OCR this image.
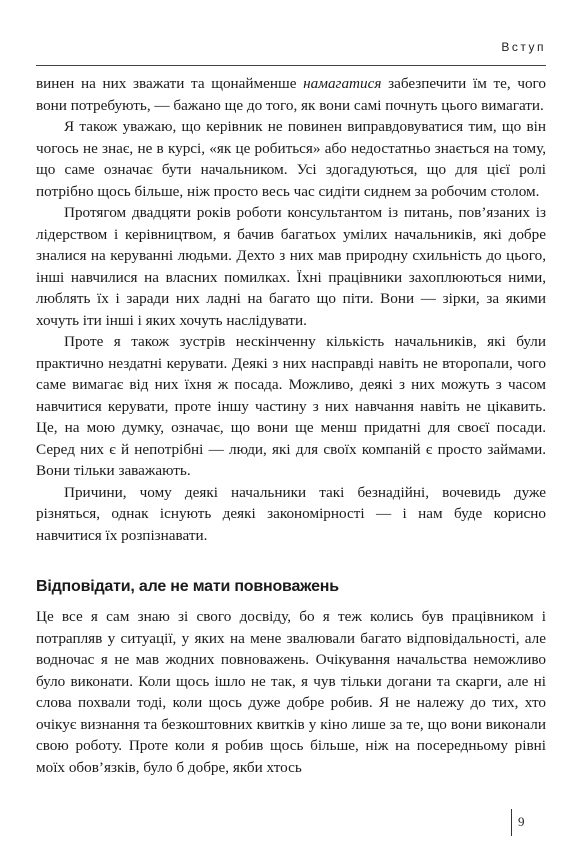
Вступ

винен на них зважати та щонайменше намагатися забезпечити їм те, чого вони потребують, — бажано ще до того, як вони самі почнуть цього вимагати.

Я також уважаю, що керівник не повинен виправдовуватися тим, що він чогось не знає, не в курсі, «як це робиться» або недостатньо знається на тому, що саме означає бути начальником. Усі здогадуються, що для цієї ролі потрібно щось більше, ніж просто весь час сидіти сиднем за робочим столом.

Протягом двадцяти років роботи консультантом із питань, пов’язаних із лідерством і керівництвом, я бачив багатьох умілих начальників, які добре зналися на керуванні людьми. Дехто з них мав природну схильність до цього, інші навчилися на власних помилках. Їхні працівники захоплюються ними, люблять їх і заради них ладні на багато що піти. Вони — зірки, за якими хочуть іти інші і яких хочуть наслідувати.

Проте я також зустрів нескінченну кількість начальників, які були практично нездатні керувати. Деякі з них насправді навіть не второпали, чого саме вимагає від них їхня ж посада. Можливо, деякі з них можуть з часом навчитися керувати, проте іншу частину з них навчання навіть не цікавить. Це, на мою думку, означає, що вони ще менш придатні для своєї посади. Серед них є й непотрібні — люди, які для своїх компаній є просто займами. Вони тільки заважають.

Причини, чому деякі начальники такі безнадійні, вочевидь дуже різняться, однак існують деякі закономірності — і нам буде корисно навчитися їх розпізнавати.

Відповідати, але не мати повноважень

Це все я сам знаю зі свого досвіду, бо я теж колись був працівником і потрапляв у ситуації, у яких на мене звалювали багато відповідальності, але водночас я не мав жодних повноважень. Очікування начальства неможливо було виконати. Коли щось ішло не так, я чув тільки догани та скарги, але ні слова похвали тоді, коли щось дуже добре робив. Я не належу до тих, хто очікує визнання та безкоштовних квитків у кіно лише за те, що вони виконали свою роботу. Проте коли я робив щось більше, ніж на посередньому рівні моїх обов’язків, було б добре, якби хтось

9
